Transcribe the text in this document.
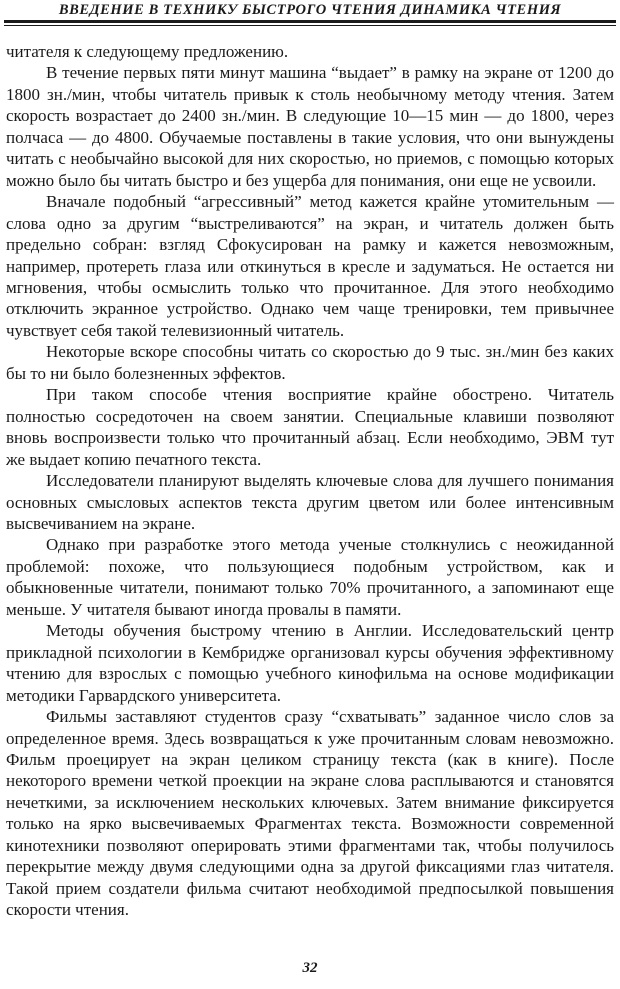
ВВЕДЕНИЕ В ТЕХНИКУ БЫСТРОГО ЧТЕНИЯ ДИНАМИКА ЧТЕНИЯ

читателя к следующему предложению.

В течение первых пяти минут машина “выдает” в рамку на экране от 1200 до 1800 зн./мин, чтобы читатель привык к столь необычному методу чтения. Затем скорость возрастает до 2400 зн./мин. В следующие 10—15 мин — до 1800, через полчаса — до 4800. Обучаемые поставлены в такие условия, что они вынуждены читать с необычайно высокой для них скоростью, но приемов, с помощью которых можно было бы читать быстро и без ущерба для понимания, они еще не усвоили.

Вначале подобный “агрессивный” метод кажется крайне утомительным — слова одно за другим “выстреливаются” на экран, и читатель должен быть предельно собран: взгляд Сфокусирован на рамку и кажется невозможным, например, протереть глаза или откинуться в кресле и задуматься. Не остается ни мгновения, чтобы осмыслить только что прочитанное. Для этого необходимо отключить экранное устройство. Однако чем чаще тренировки, тем привычнее чувствует себя такой телевизионный читатель.

Некоторые вскоре способны читать со скоростью до 9 тыс. зн./мин без каких бы то ни было болезненных эффектов.

При таком способе чтения восприятие крайне обострено. Читатель полностью сосредоточен на своем занятии. Специальные клавиши позволяют вновь воспроизвести только что прочитанный абзац. Если необходимо, ЭВМ тут же выдает копию печатного текста.

Исследователи планируют выделять ключевые слова для лучшего понимания основных смысловых аспектов текста другим цветом или более интенсивным высвечиванием на экране.

Однако при разработке этого метода ученые столкнулись с неожиданной проблемой: похоже, что пользующиеся подобным устройством, как и обыкновенные читатели, понимают только 70% прочитанного, а запоминают еще меньше. У читателя бывают иногда провалы в памяти.

Методы обучения быстрому чтению в Англии. Исследовательский центр прикладной психологии в Кембридже организовал курсы обучения эффективному чтению для взрослых с помощью учебного кинофильма на основе модификации методики Гарвардского университета.

Фильмы заставляют студентов сразу “схватывать” заданное число слов за определенное время. Здесь возвращаться к уже прочитанным словам невозможно. Фильм проецирует на экран целиком страницу текста (как в книге). После некоторого времени четкой проекции на экране слова расплываются и становятся нечеткими, за исключением нескольких ключевых. Затем внимание фиксируется только на ярко высвечиваемых Фрагментах текста. Возможности современной кинотехники позволяют оперировать этими фрагментами так, чтобы получилось перекрытие между двумя следующими одна за другой фиксациями глаз читателя. Такой прием создатели фильма считают необходимой предпосылкой повышения скорости чтения.

32
